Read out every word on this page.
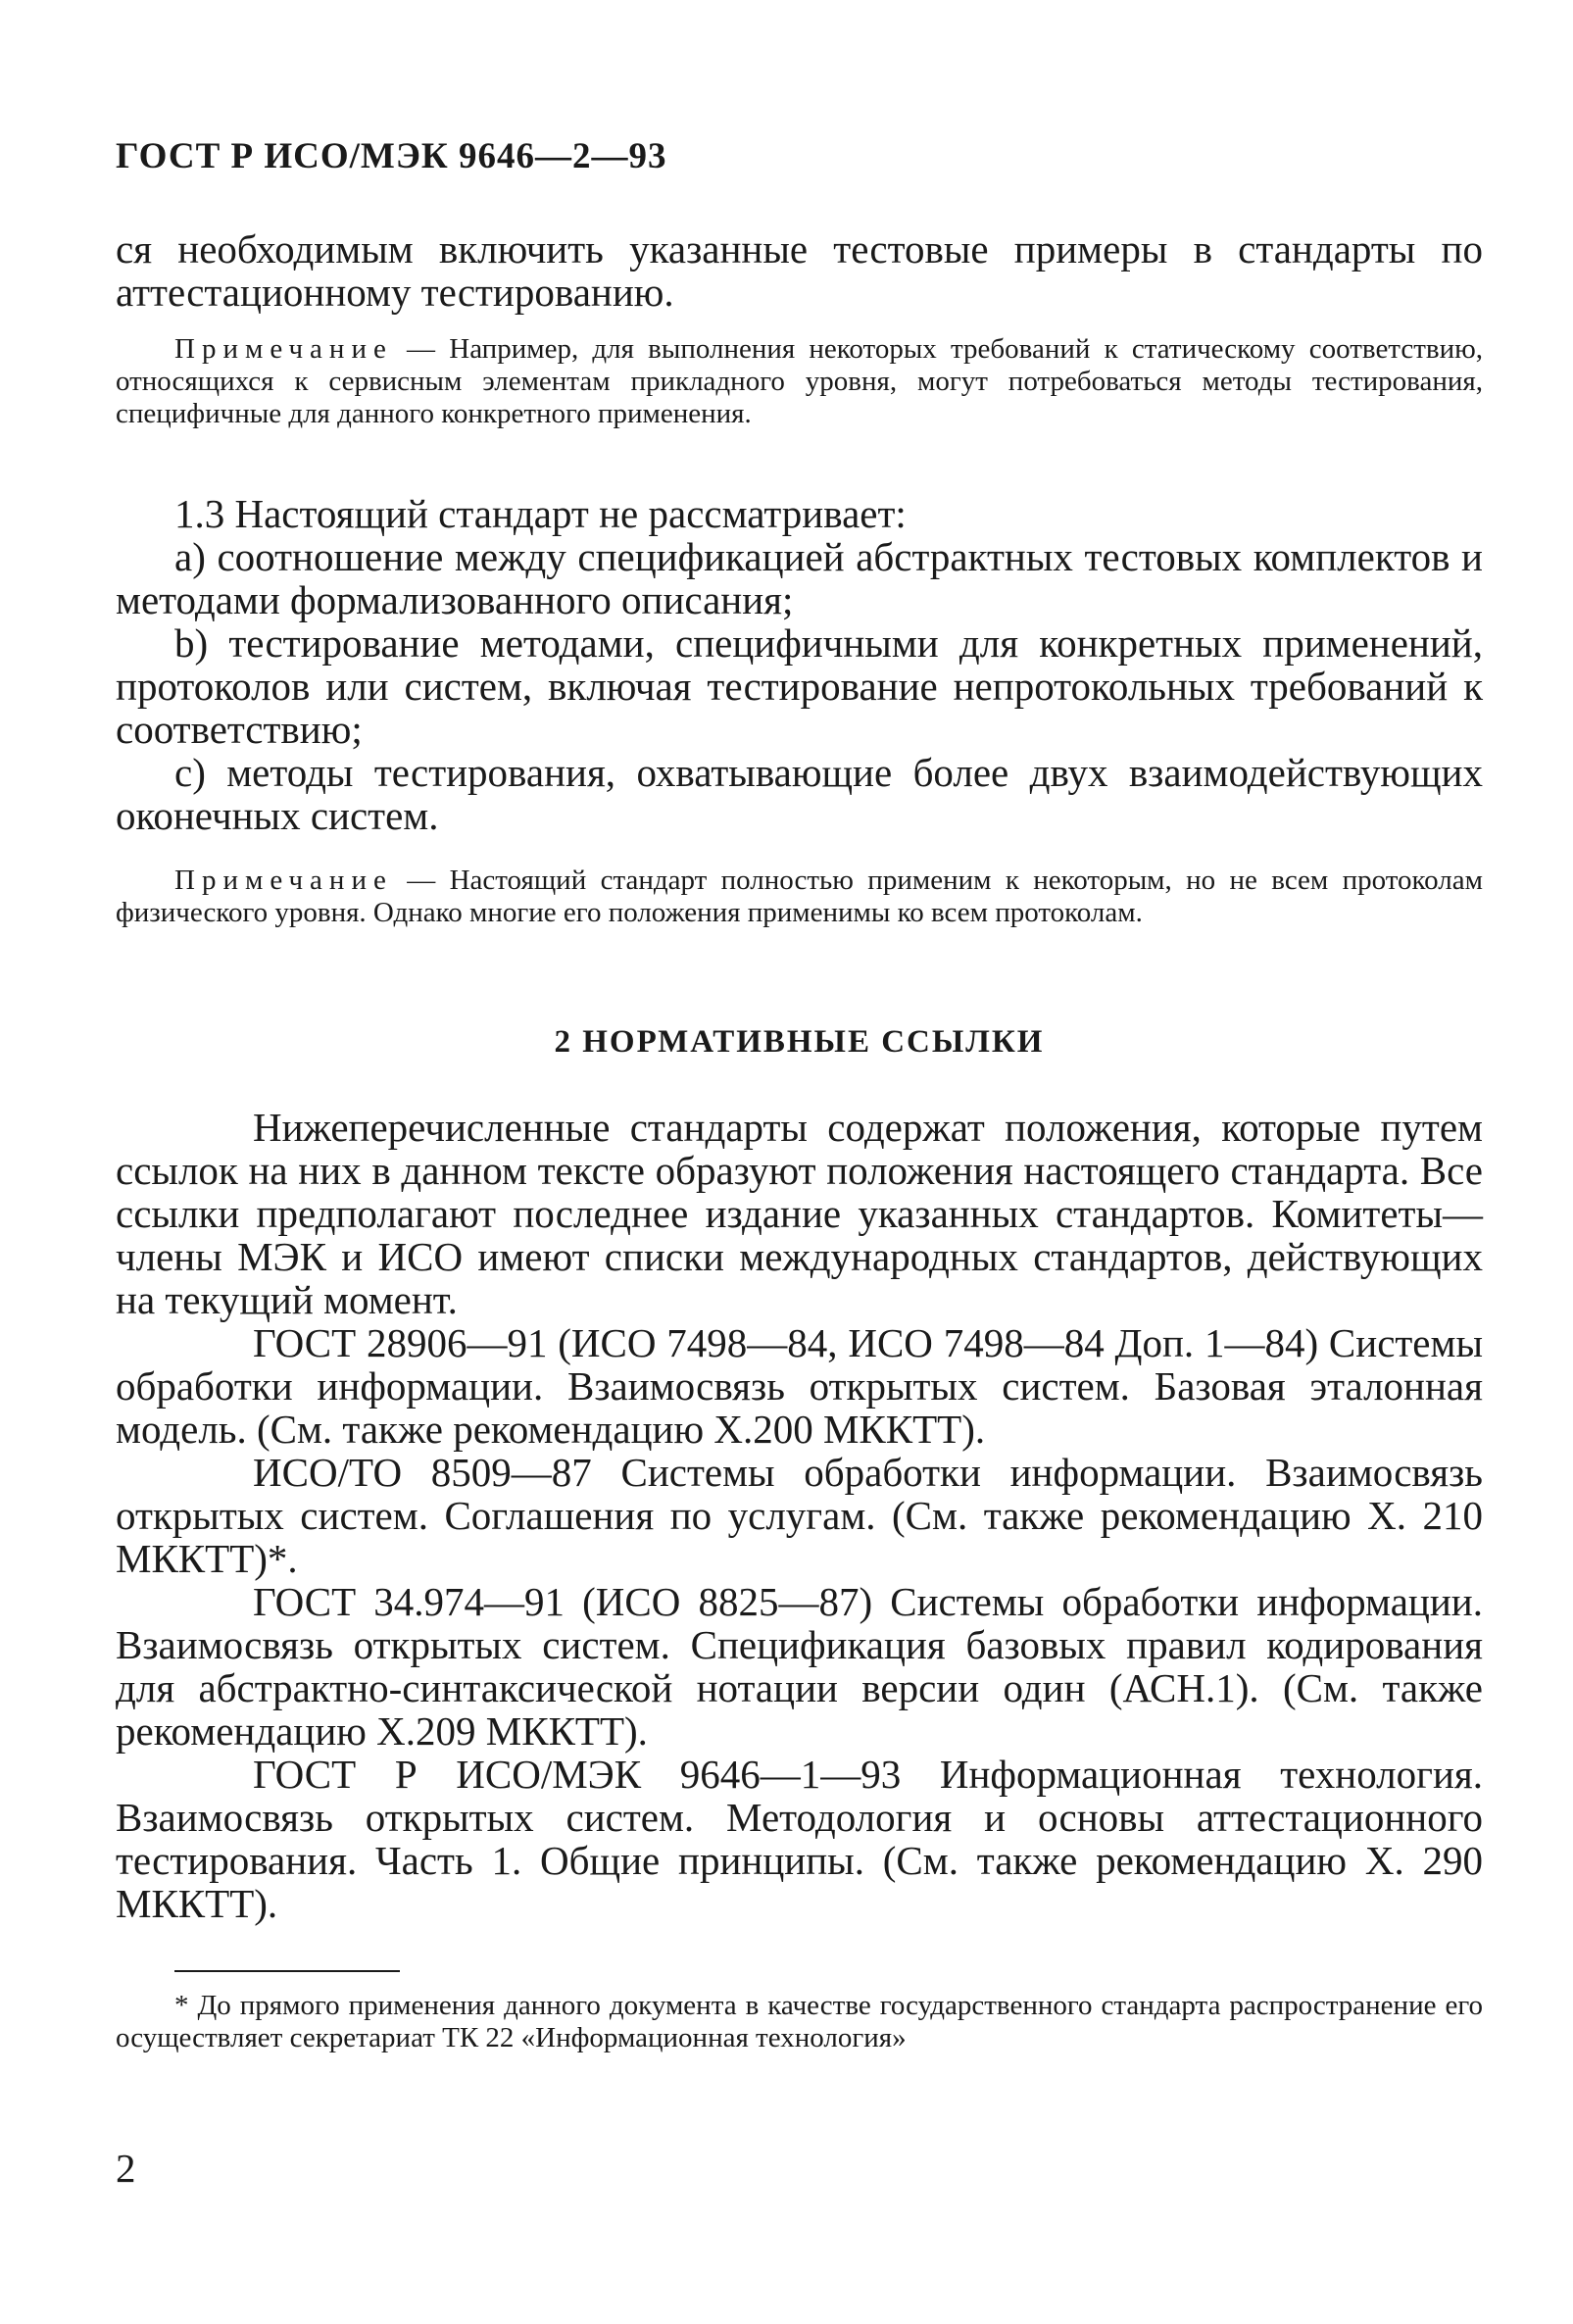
ГОСТ Р ИСО/МЭК 9646—2—93

ся необходимым включить указанные тестовые примеры в стандарты по аттестационному тестированию.

Примечание — Например, для выполнения некоторых требований к статическому соответствию, относящихся к сервисным элементам прикладного уровня, могут потребоваться методы тестирования, специфичные для данного конкретного применения.

1.3 Настоящий стандарт не рассматривает:

a) соотношение между спецификацией абстрактных тестовых комплектов и методами формализованного описания;

b) тестирование методами, специфичными для конкретных применений, протоколов или систем, включая тестирование непротокольных требований к соответствию;

c) методы тестирования, охватывающие более двух взаимодействующих оконечных систем.

Примечание — Настоящий стандарт полностью применим к некоторым, но не всем протоколам физического уровня. Однако многие его положения применимы ко всем протоколам.

2 НОРМАТИВНЫЕ ССЫЛКИ

Нижеперечисленные стандарты содержат положения, которые путем ссылок на них в данном тексте образуют положения настоящего стандарта. Все ссылки предполагают последнее издание указанных стандартов. Комитеты— члены МЭК и ИСО имеют списки международных стандартов, действующих на текущий момент.

ГОСТ 28906—91 (ИСО 7498—84, ИСО 7498—84 Доп. 1—84) Системы обработки информации. Взаимосвязь открытых систем. Базовая эталонная модель. (См. также рекомендацию X.200 МККТТ).

ИСО/ТО 8509—87 Системы обработки информации. Взаимосвязь открытых систем. Соглашения по услугам. (См. также рекомендацию X. 210 МККТТ)*.

ГОСТ 34.974—91 (ИСО 8825—87) Системы обработки информации. Взаимосвязь открытых систем. Спецификация базовых правил кодирования для абстрактно-синтаксической нотации версии один (АСН.1). (См. также рекомендацию X.209 МККТТ).

ГОСТ Р ИСО/МЭК 9646—1—93 Информационная технология. Взаимосвязь открытых систем. Методология и основы аттестационного тестирования. Часть 1. Общие принципы. (См. также рекомендацию X. 290 МККТТ).

* До прямого применения данного документа в качестве государственного стандарта распространение его осуществляет секретариат ТК 22 «Информационная технология»

2
